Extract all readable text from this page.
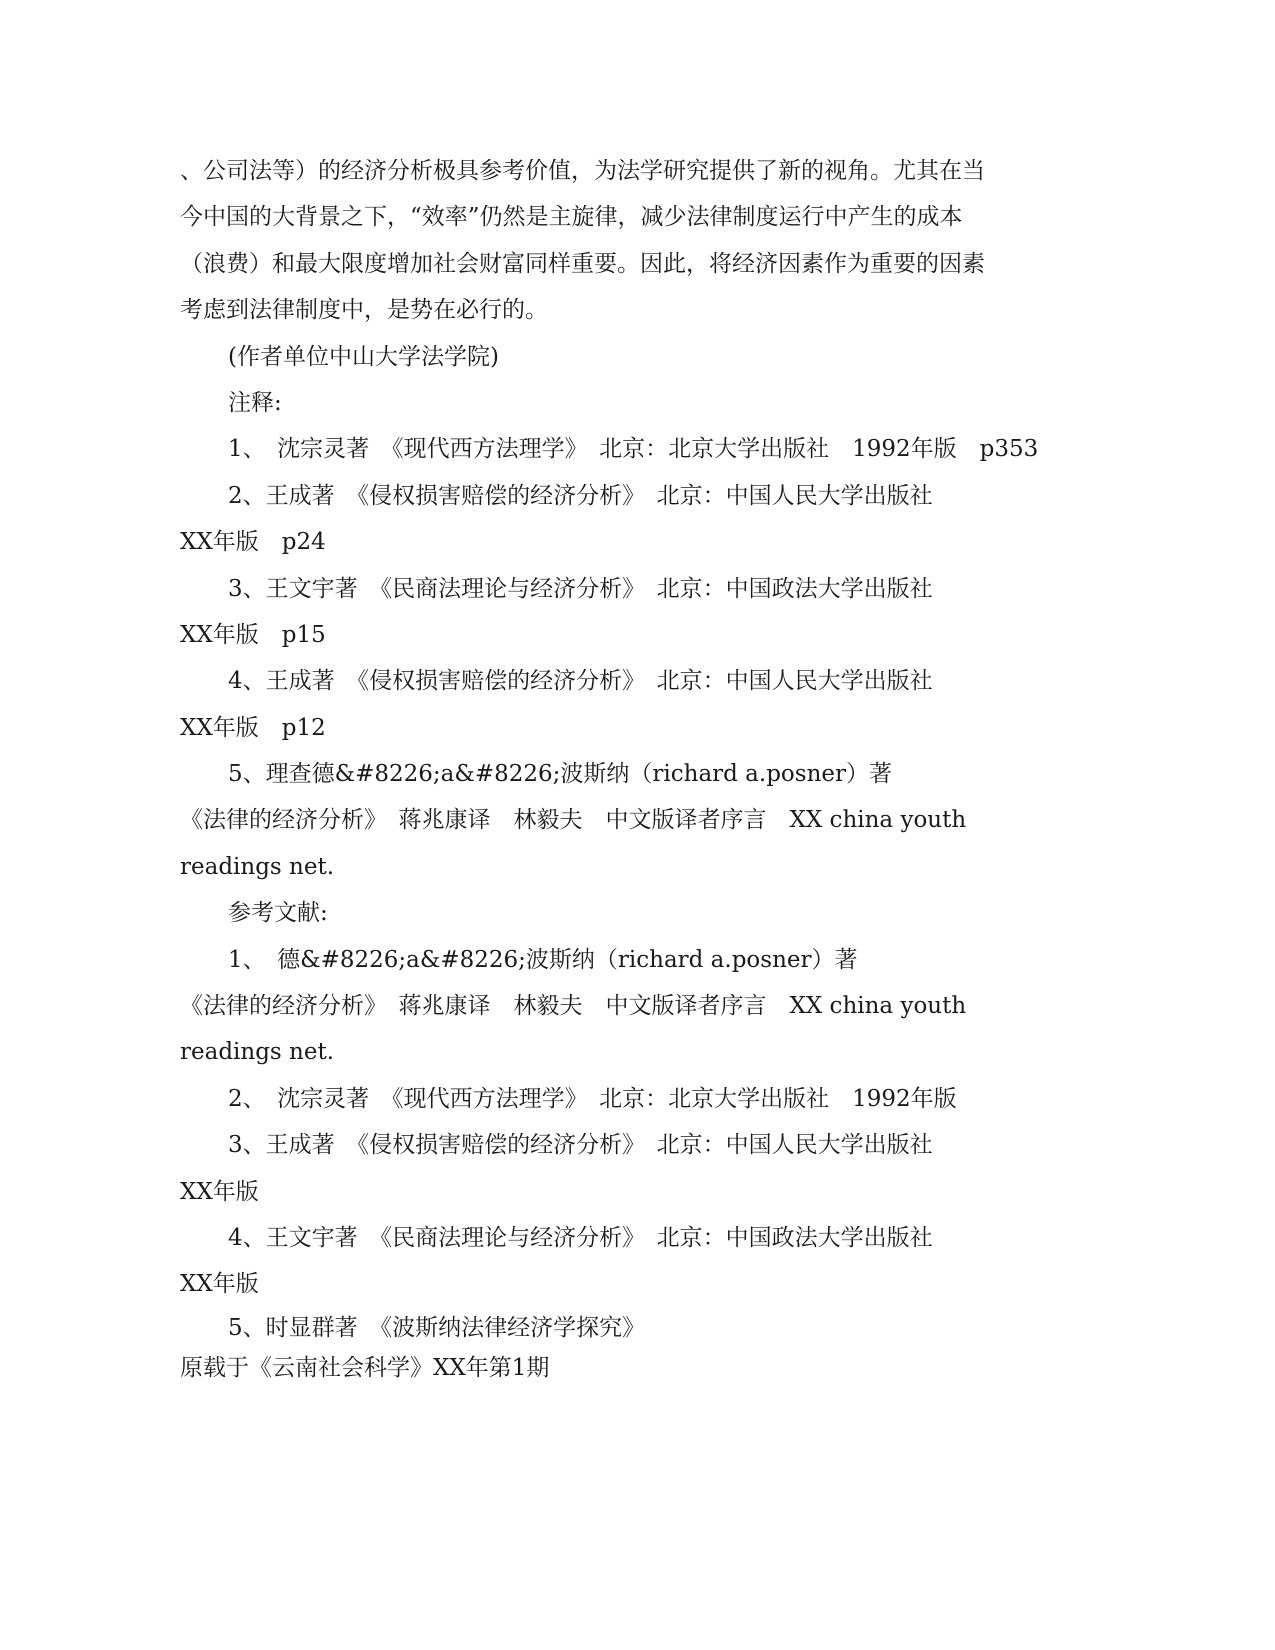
、公司法等）的经济分析极具参考价值，为法学研究提供了新的视角。尤其在当
今中国的大背景之下，“效率”仍然是主旋律，减少法律制度运行中产生的成本
（浪费）和最大限度增加社会财富同样重要。因此，将经济因素作为重要的因素
考虑到法律制度中，是势在必行的。
(作者单位中山大学法学院)
注释:
1、　沈宗灵著　《现代西方法理学》　北京：北京大学出版社　1992年版　p353
2、王成著　《侵权损害赔偿的经济分析》　北京：中国人民大学出版社
XX年版　p24
3、王文宇著　《民商法理论与经济分析》　北京：中国政法大学出版社
XX年版　p15
4、王成著　《侵权损害赔偿的经济分析》　北京：中国人民大学出版社
XX年版　p12
5、理查德&#8226;a&#8226;波斯纳（richard a.posner）著
《法律的经济分析》　蒋兆康译　林毅夫　中文版译者序言　XX china youth
readings net.
参考文献:
1、　德&#8226;a&#8226;波斯纳（richard a.posner）著
《法律的经济分析》　蒋兆康译　林毅夫　中文版译者序言　XX china youth
readings net.
2、　沈宗灵著　《现代西方法理学》　北京：北京大学出版社　1992年版
3、王成著　《侵权损害赔偿的经济分析》　北京：中国人民大学出版社
XX年版
4、王文宇著　《民商法理论与经济分析》　北京：中国政法大学出版社
XX年版
5、时显群著　《波斯纳法律经济学探究》
原载于《云南社会科学》XX年第1期
